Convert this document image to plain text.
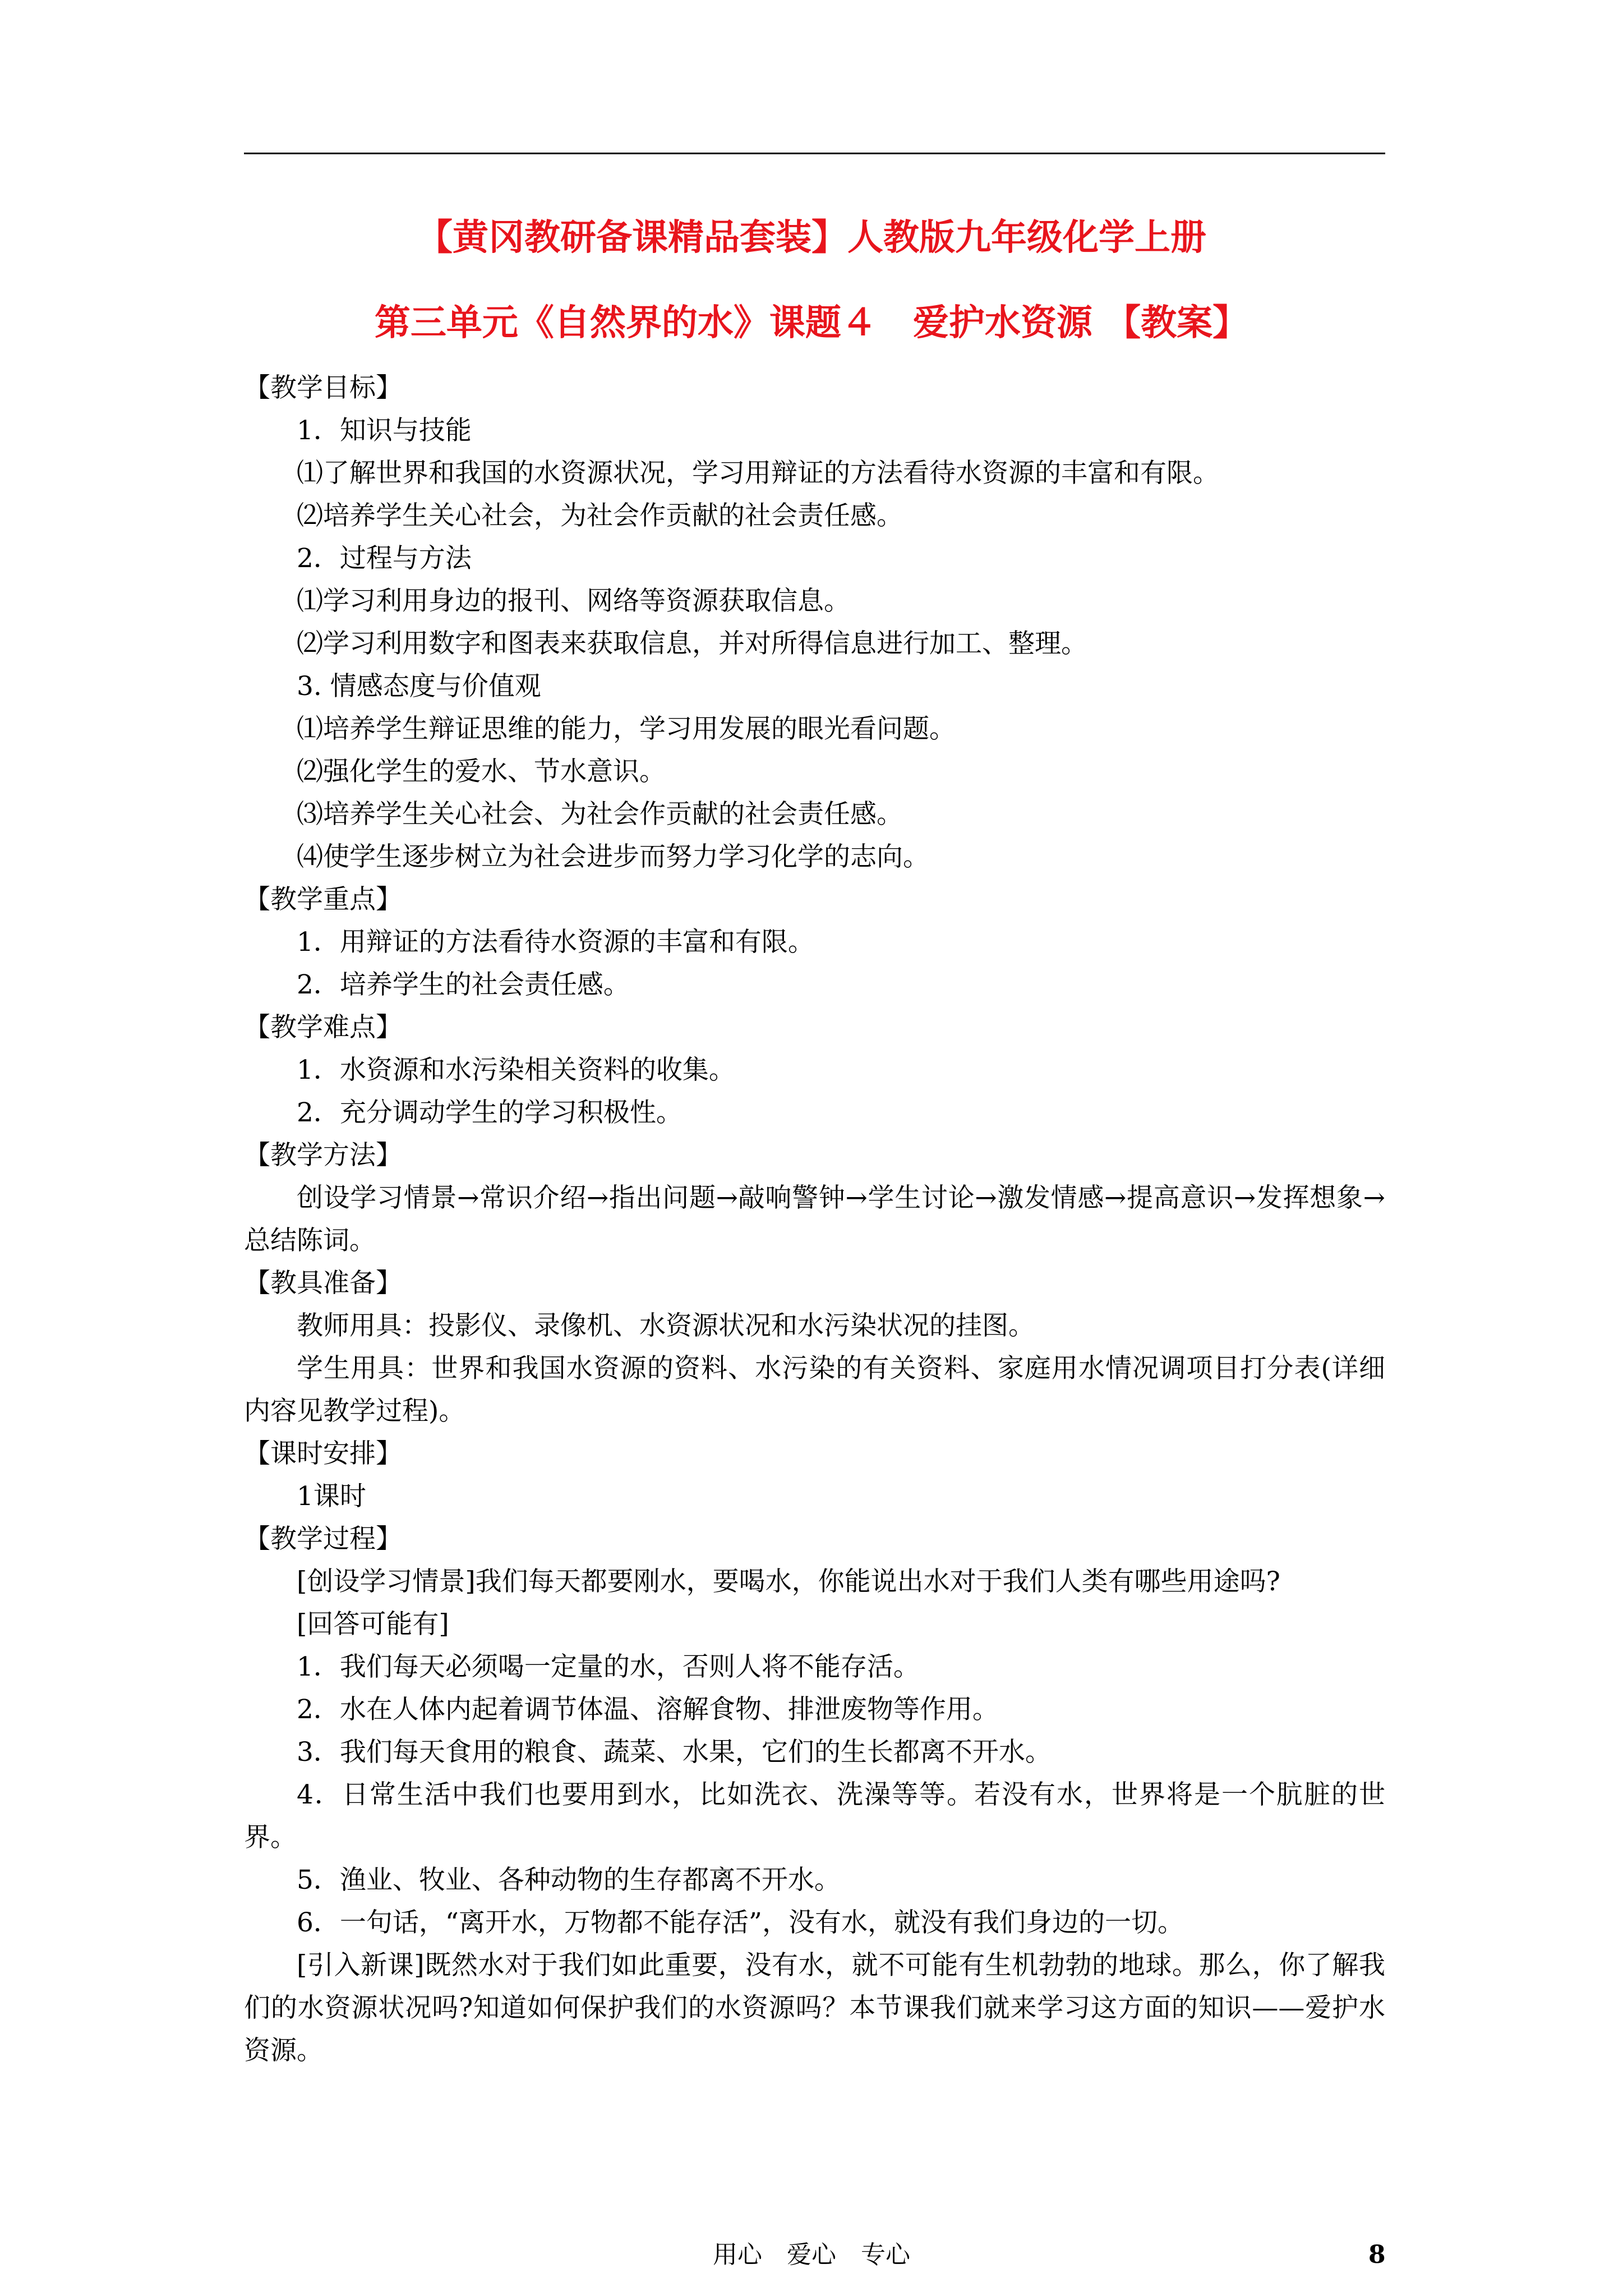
【黄冈教研备课精品套装】人教版九年级化学上册
第三单元《自然界的水》课题４　爱护水资源 【教案】

【教学目标】

1．知识与技能

⑴了解世界和我国的水资源状况，学习用辩证的方法看待水资源的丰富和有限。

⑵培养学生关心社会，为社会作贡献的社会责任感。

2．过程与方法

⑴学习利用身边的报刊、网络等资源获取信息。

⑵学习利用数字和图表来获取信息，并对所得信息进行加工、整理。

3. 情感态度与价值观

⑴培养学生辩证思维的能力，学习用发展的眼光看问题。

⑵强化学生的爱水、节水意识。

⑶培养学生关心社会、为社会作贡献的社会责任感。

⑷使学生逐步树立为社会进步而努力学习化学的志向。

【教学重点】

1．用辩证的方法看待水资源的丰富和有限。

2．培养学生的社会责任感。

【教学难点】

1．水资源和水污染相关资料的收集。

2．充分调动学生的学习积极性。

【教学方法】

创设学习情景→常识介绍→指出问题→敲响警钟→学生讨论→激发情感→提高意识→发挥想象→总结陈词。

【教具准备】

教师用具：投影仪、录像机、水资源状况和水污染状况的挂图。

学生用具：世界和我国水资源的资料、水污染的有关资料、家庭用水情况调项目打分表(详细内容见教学过程)。

【课时安排】

1课时

【教学过程】

[创设学习情景]我们每天都要刚水，要喝水，你能说出水对于我们人类有哪些用途吗?

[回答可能有]

1．我们每天必须喝一定量的水，否则人将不能存活。

2．水在人体内起着调节体温、溶解食物、排泄废物等作用。

3．我们每天食用的粮食、蔬菜、水果，它们的生长都离不开水。

4．日常生活中我们也要用到水，比如洗衣、洗澡等等。若没有水，世界将是一个肮脏的世界。

5．渔业、牧业、各种动物的生存都离不开水。

6．一句话，“离开水，万物都不能存活”，没有水，就没有我们身边的一切。

[引入新课]既然水对于我们如此重要，没有水，就不可能有生机勃勃的地球。那么，你了解我们的水资源状况吗?知道如何保护我们的水资源吗？本节课我们就来学习这方面的知识——爱护水资源。

用心　爱心　专心	8
